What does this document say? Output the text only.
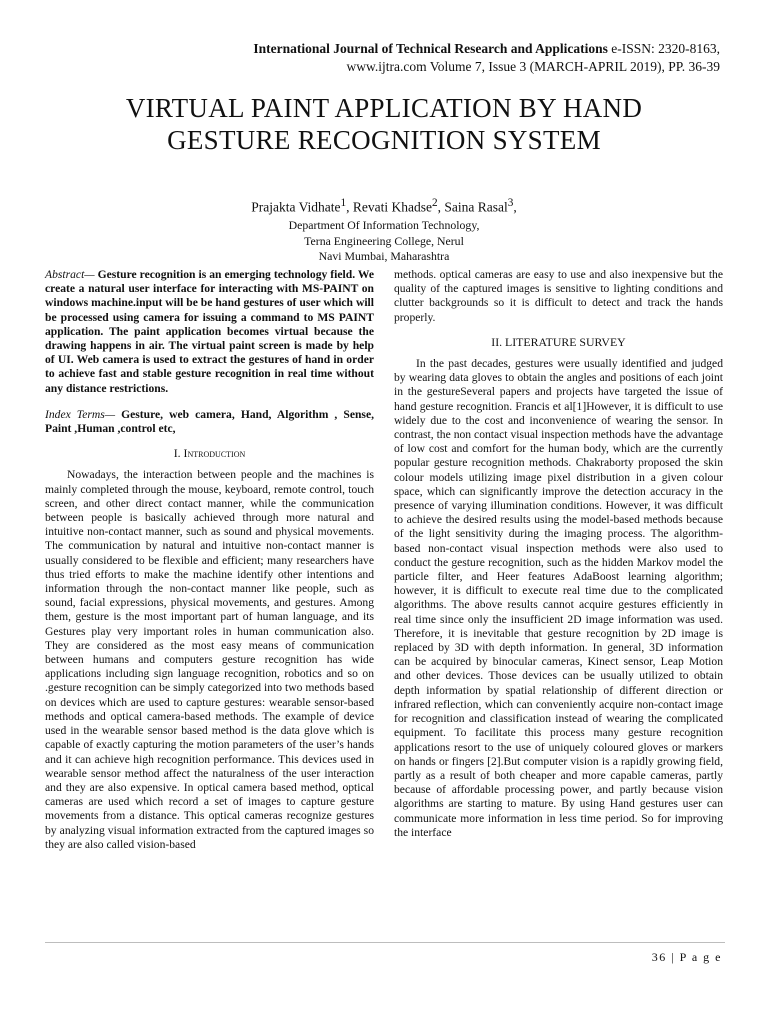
International Journal of Technical Research and Applications e-ISSN: 2320-8163,
www.ijtra.com Volume 7, Issue 3 (MARCH-APRIL 2019), PP. 36-39
VIRTUAL PAINT APPLICATION BY HAND
GESTURE RECOGNITION SYSTEM
Prajakta Vidhate$^1$, Revati Khadse$^2$, Saina Rasal$^3$,
Department Of Information Technology,
Terna Engineering College, Nerul
Navi Mumbai, Maharashtra

Abstract— Gesture recognition is an emerging technology field. We create a natural user interface for interacting with MS-PAINT on windows machine.input will be be hand gestures of user which will be processed using camera for issuing a command to MS PAINT application. The paint application becomes virtual because the drawing happens in air. The virtual paint screen is made by help of UI. Web camera is used to extract the gestures of hand in order to achieve fast and stable gesture recognition in real time without any distance restrictions.

Index Terms— Gesture, web camera, Hand, Algorithm , Sense, Paint ,Human ,control etc,

I. Introduction

Nowadays, the interaction between people and the machines is mainly completed through the mouse, keyboard, remote control, touch screen, and other direct contact manner, while the communication between people is basically achieved through more natural and intuitive non-contact manner, such as sound and physical movements. The communication by natural and intuitive non-contact manner is usually considered to be flexible and efficient; many researchers have thus tried efforts to make the machine identify other intentions and information through the non-contact manner like people, such as sound, facial expressions, physical movements, and gestures. Among them, gesture is the most important part of human language, and its Gestures play very important roles in human communication also. They are considered as the most easy means of communication between humans and computers gesture recognition has wide applications including sign language recognition, robotics and so on .gesture recognition can be simply categorized into two methods based on devices which are used to capture gestures: wearable sensor-based methods and optical camera-based methods. The example of device used in the wearable sensor based method is the data glove which is capable of exactly capturing the motion parameters of the user’s hands and it can achieve high recognition performance. This devices used in wearable sensor method affect the naturalness of the user interaction and they are also expensive. In optical camera based method, optical cameras are used which record a set of images to capture gesture movements from a distance. This optical cameras recognize gestures by analyzing visual information extracted from the captured images so they are also called vision-based

methods. optical cameras are easy to use and also inexpensive but the quality of the captured images is sensitive to lighting conditions and clutter backgrounds so it is difficult to detect and track the hands properly.

II. LITERATURE SURVEY

In the past decades, gestures were usually identified and judged by wearing data gloves to obtain the angles and positions of each joint in the gestureSeveral papers and projects have targeted the issue of hand gesture recognition. Francis et al[1]However, it is difficult to use widely due to the cost and inconvenience of wearing the sensor. In contrast, the non contact visual inspection methods have the advantage of low cost and comfort for the human body, which are the currently popular gesture recognition methods. Chakraborty proposed the skin colour models utilizing image pixel distribution in a given colour space, which can significantly improve the detection accuracy in the presence of varying illumination conditions. However, it was difficult to achieve the desired results using the model-based methods because of the light sensitivity during the imaging process. The algorithm-based non-contact visual inspection methods were also used to conduct the gesture recognition, such as the hidden Markov model the particle filter, and Heer features AdaBoost learning algorithm; however, it is difficult to execute real time due to the complicated algorithms. The above results cannot acquire gestures efficiently in real time since only the insufficient 2D image information was used. Therefore, it is inevitable that gesture recognition by 2D image is replaced by 3D with depth information. In general, 3D information can be acquired by binocular cameras, Kinect sensor, Leap Motion and other devices. Those devices can be usually utilized to obtain depth information by spatial relationship of different direction or infrared reflection, which can conveniently acquire non-contact image for recognition and classification instead of wearing the complicated equipment. To facilitate this process many gesture recognition applications resort to the use of uniquely coloured gloves or markers on hands or fingers [2].But computer vision is a rapidly growing field, partly as a result of both cheaper and more capable cameras, partly because of affordable processing power, and partly because vision algorithms are starting to mature. By using Hand gestures user can communicate more information in less time period. So for improving the interface

36 | P a g e
